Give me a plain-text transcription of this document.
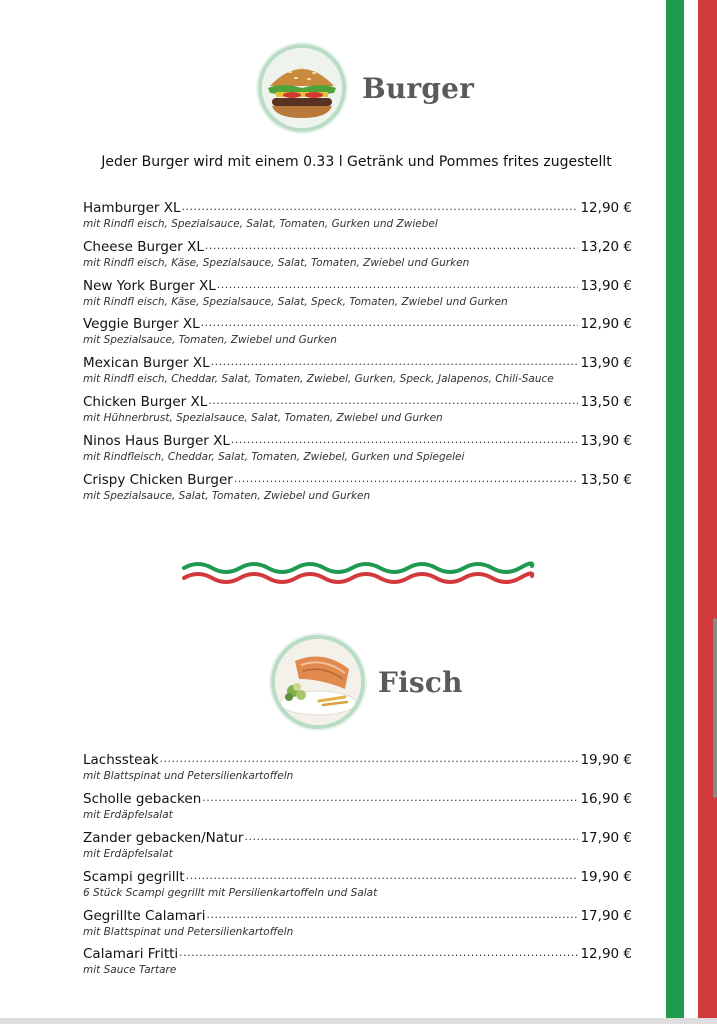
Burger
Jeder Burger wird mit einem 0.33 l Getränk und Pommes frites zugestellt
Hamburger XL .....	12,90 €
mit Rindfl eisch, Spezialsauce, Salat, Tomaten, Gurken und Zwiebel
Cheese Burger XL .....	13,20 €
mit Rindfl eisch, Käse, Spezialsauce, Salat, Tomaten, Zwiebel und Gurken
New York Burger XL .....	13,90 €
mit Rindfl eisch, Käse, Spezialsauce, Salat, Speck, Tomaten, Zwiebel und Gurken
Veggie Burger XL .....	12,90 €
mit Spezialsauce, Tomaten, Zwiebel und Gurken
Mexican Burger XL .....	13,90 €
mit Rindfl eisch, Cheddar, Salat, Tomaten, Zwiebel, Gurken, Speck, Jalapenos, Chili-Sauce
Chicken Burger XL .....	13,50 €
mit Hühnerbrust, Spezialsauce, Salat, Tomaten, Zwiebel und Gurken
Ninos Haus Burger XL .....	13,90 €
mit Rindfleisch, Cheddar, Salat, Tomaten, Zwiebel, Gurken und Spiegelei
Crispy Chicken Burger .....	13,50 €
mit Spezialsauce, Salat, Tomaten, Zwiebel und Gurken
Fisch
Lachssteak .....	19,90 €
mit Blattspinat und Petersilienkartoffeln
Scholle gebacken .....	16,90 €
mit Erdäpfelsalat
Zander gebacken/Natur .....	17,90 €
mit Erdäpfelsalat
Scampi gegrillt .....	19,90 €
6 Stück Scampi gegrillt mit Persilienkartoffeln und Salat
Gegrillte Calamari .....	17,90 €
mit Blattspinat und Petersilienkartoffeln
Calamari Fritti .....	12,90 €
mit Sauce Tartare
